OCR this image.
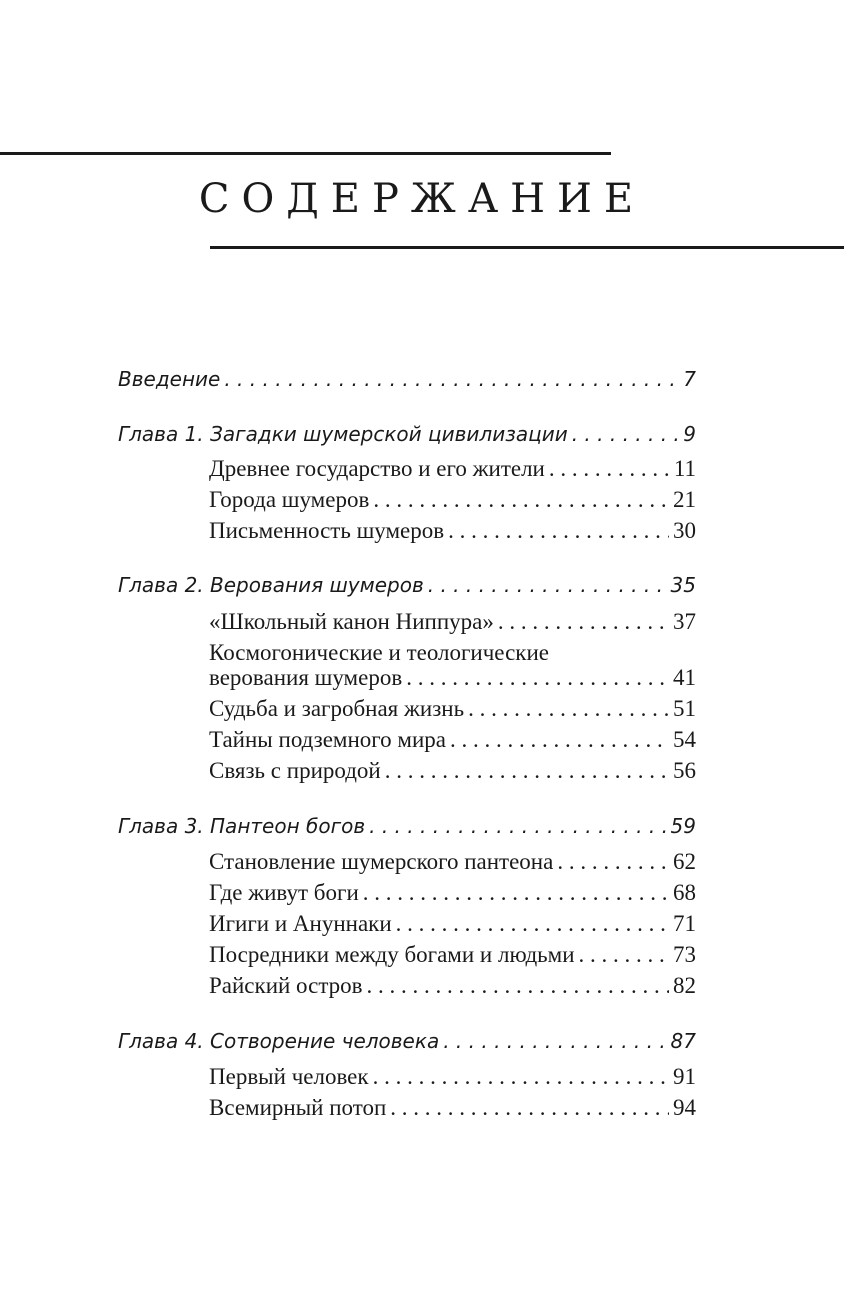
СОДЕРЖАНИЕ
Введение . . .	7
Глава 1. Загадки шумерской цивилизации . . .	9
Древнее государство и его жители . . .	11
Города шумеров . . .	21
Письменность шумеров . . .	30
Глава 2. Верования шумеров . . .	35
«Школьный канон Ниппура» . . .	37
Космогонические и теологические
верования шумеров . . .	41
Судьба и загробная жизнь . . .	51
Тайны подземного мира . . .	54
Связь с природой . . .	56
Глава 3. Пантеон богов . . .	59
Становление шумерского пантеона . . .	62
Где живут боги . . .	68
Игиги и Ануннаки . . .	71
Посредники между богами и людьми . . .	73
Райский остров . . .	82
Глава 4. Сотворение человека . . .	87
Первый человек . . .	91
Всемирный потоп . . .	94
